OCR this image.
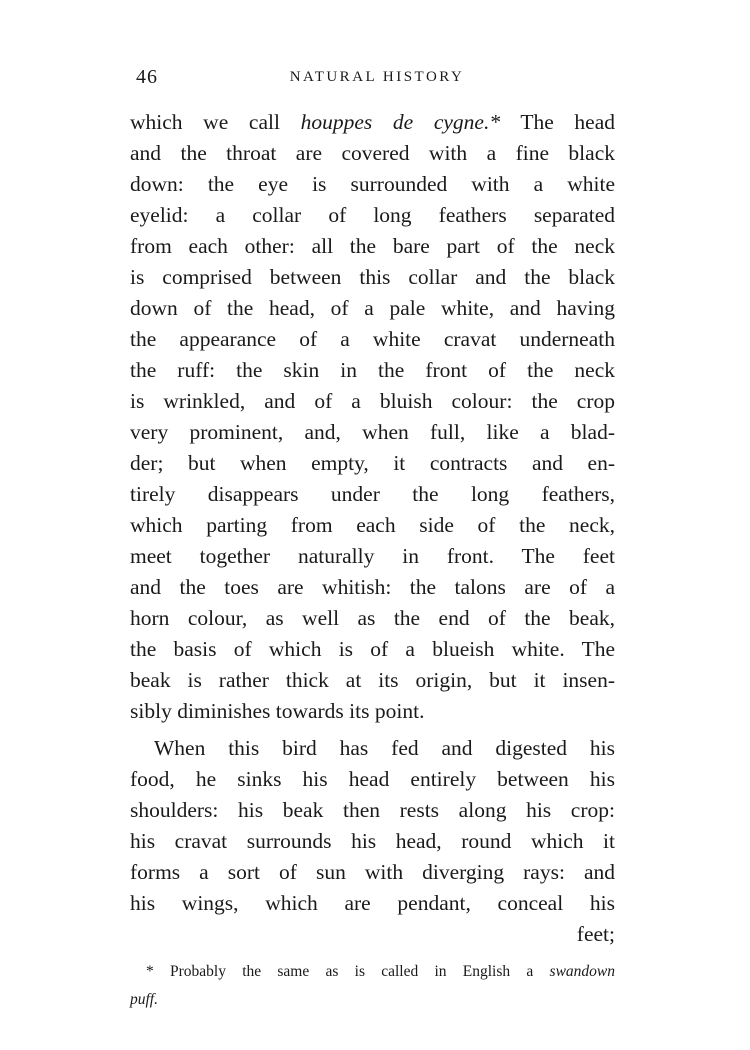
46	NATURAL HISTORY
which we call houppes de cygne.* The head
and the throat are covered with a fine black
down: the eye is surrounded with a white
eyelid: a collar of long feathers separated
from each other: all the bare part of the neck
is comprised between this collar and the black
down of the head, of a pale white, and having
the appearance of a white cravat underneath
the ruff: the skin in the front of the neck
is wrinkled, and of a bluish colour: the crop
very prominent, and, when full, like a blad-
der; but when empty, it contracts and en-
tirely disappears under the long feathers,
which parting from each side of the neck,
meet together naturally in front. The feet
and the toes are whitish: the talons are of a
horn colour, as well as the end of the beak,
the basis of which is of a blueish white. The
beak is rather thick at its origin, but it insen-
sibly diminishes towards its point.
When this bird has fed and digested his
food, he sinks his head entirely between his
shoulders: his beak then rests along his crop:
his cravat surrounds his head, round which it
forms a sort of sun with diverging rays: and
his wings, which are pendant, conceal his
feet;
* Probably the same as is called in English a swandown
puff.
